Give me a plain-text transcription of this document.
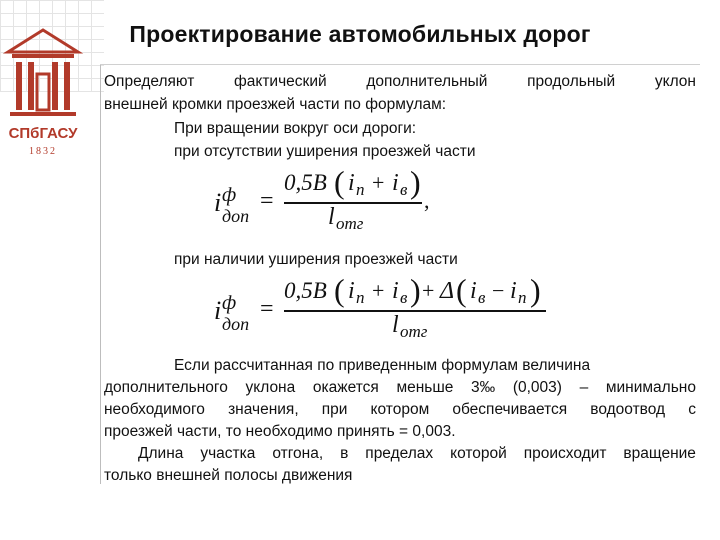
СПбГАСУ
1832
Проектирование автомобильных дорог
Определяют	фактический	дополнительный	продольный	уклон
внешней кромки проезжей части по формулам:
При вращении вокруг оси дороги:
при отсутствии уширения проезжей части
ф
i доп
=
0,5B ( i п + i в )
l отг
,
при наличии уширения проезжей части
ф
i доп
=
0,5B ( i п + i в ) + Δ ( i в − i п )
l отг
Если рассчитанная по приведенным формулам величина
дополнительного уклона окажется меньше 3‰ (0,003) – минимально
необходимого значения, при котором обеспечивается водоотвод с
проезжей части, то необходимо принять = 0,003.
Длина участка отгона, в пределах которой происходит вращение
только внешней полосы движения
